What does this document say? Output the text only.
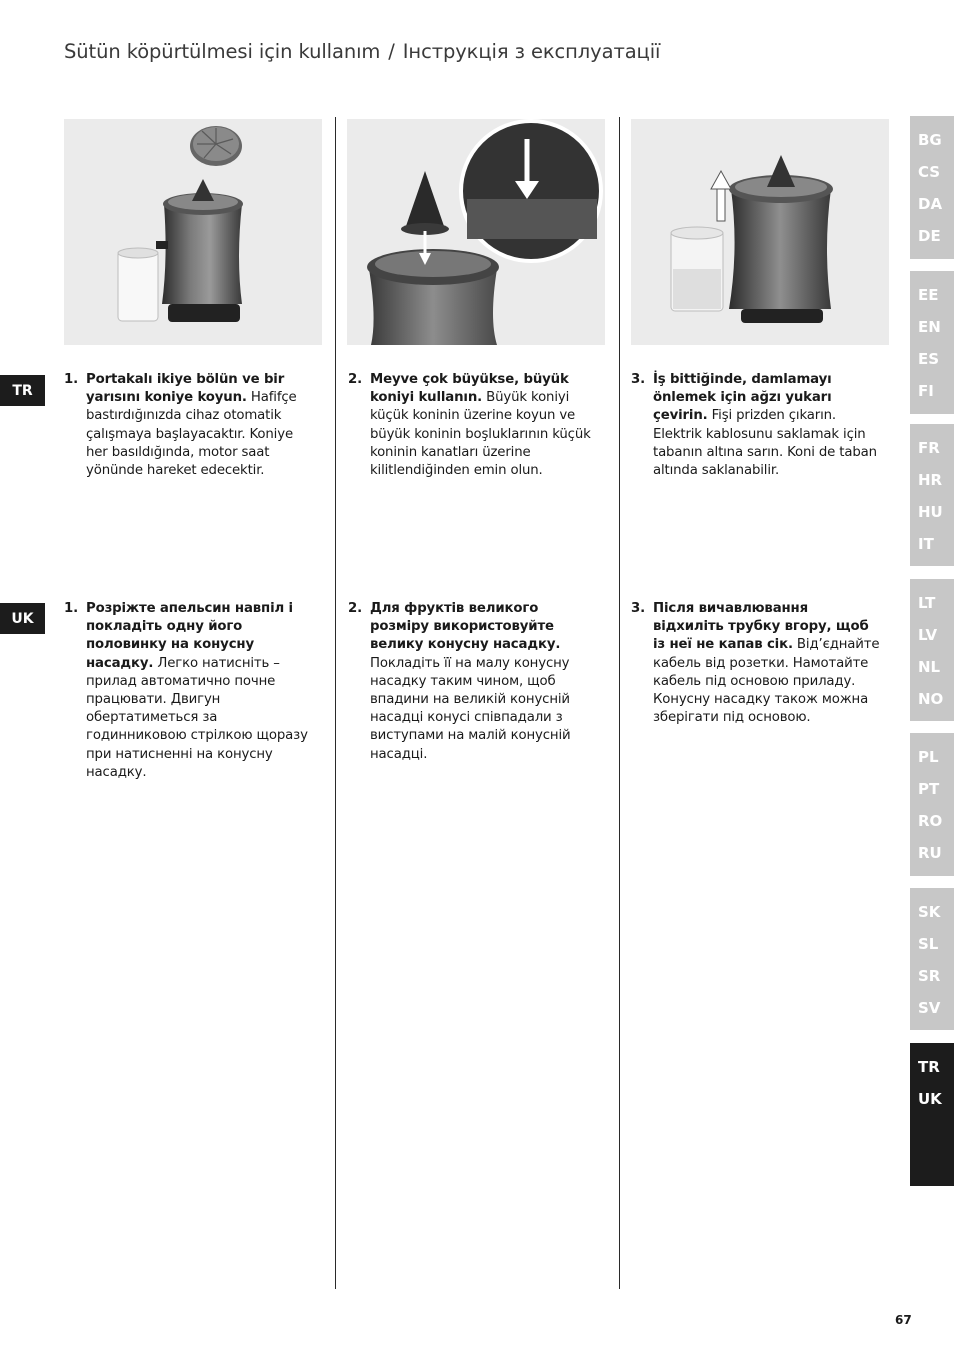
Sütün köpürtülmesi için kullanım / Інструкція з експлуатації
TR
UK
1. Portakalı ikiye bölün ve bir yarısını koniye koyun. Hafifçe bastırdığınızda cihaz otomatik çalışmaya başlayacaktır. Koniye her basıldığında, motor saat yönünde hareket edecektir.
2. Meyve çok büyükse, büyük koniyi kullanın. Büyük koniyi küçük koninin üzerine koyun ve büyük koninin boşluklarının küçük koninin kanatları üzerine kilitlendiğinden emin olun.
3. İş bittiğinde, damlamayı önlemek için ağzı yukarı çevirin. Fişi prizden çıkarın. Elektrik kablosunu saklamak için tabanın altına sarın. Koni de taban altında saklanabilir.
1. Розріжте апельсин навпіл і покладіть одну його половинку на конусну насадку. Легко натисніть – прилад автоматично почне працювати. Двигун обертатиметься за годинниковою стрілкою щоразу при натисненні на конусну насадку.
2. Для фруктів великого розміру використовуйте велику конусну насадку. Покладіть її на малу конусну насадку таким чином, щоб впадини на великій конусній насадці конусі співпадали з виступами на малій конусній насадці.
3. Після вичавлювання відхиліть трубку вгору, щоб із неї не капав сік. Від’єднайте кабель від розетки. Намотайте кабель під основою приладу. Конусну насадку також можна зберігати під основою.
BG
CS
DA
DE
EE
EN
ES
FI
FR
HR
HU
IT
LT
LV
NL
NO
PL
PT
RO
RU
SK
SL
SR
SV
TR
UK
67
